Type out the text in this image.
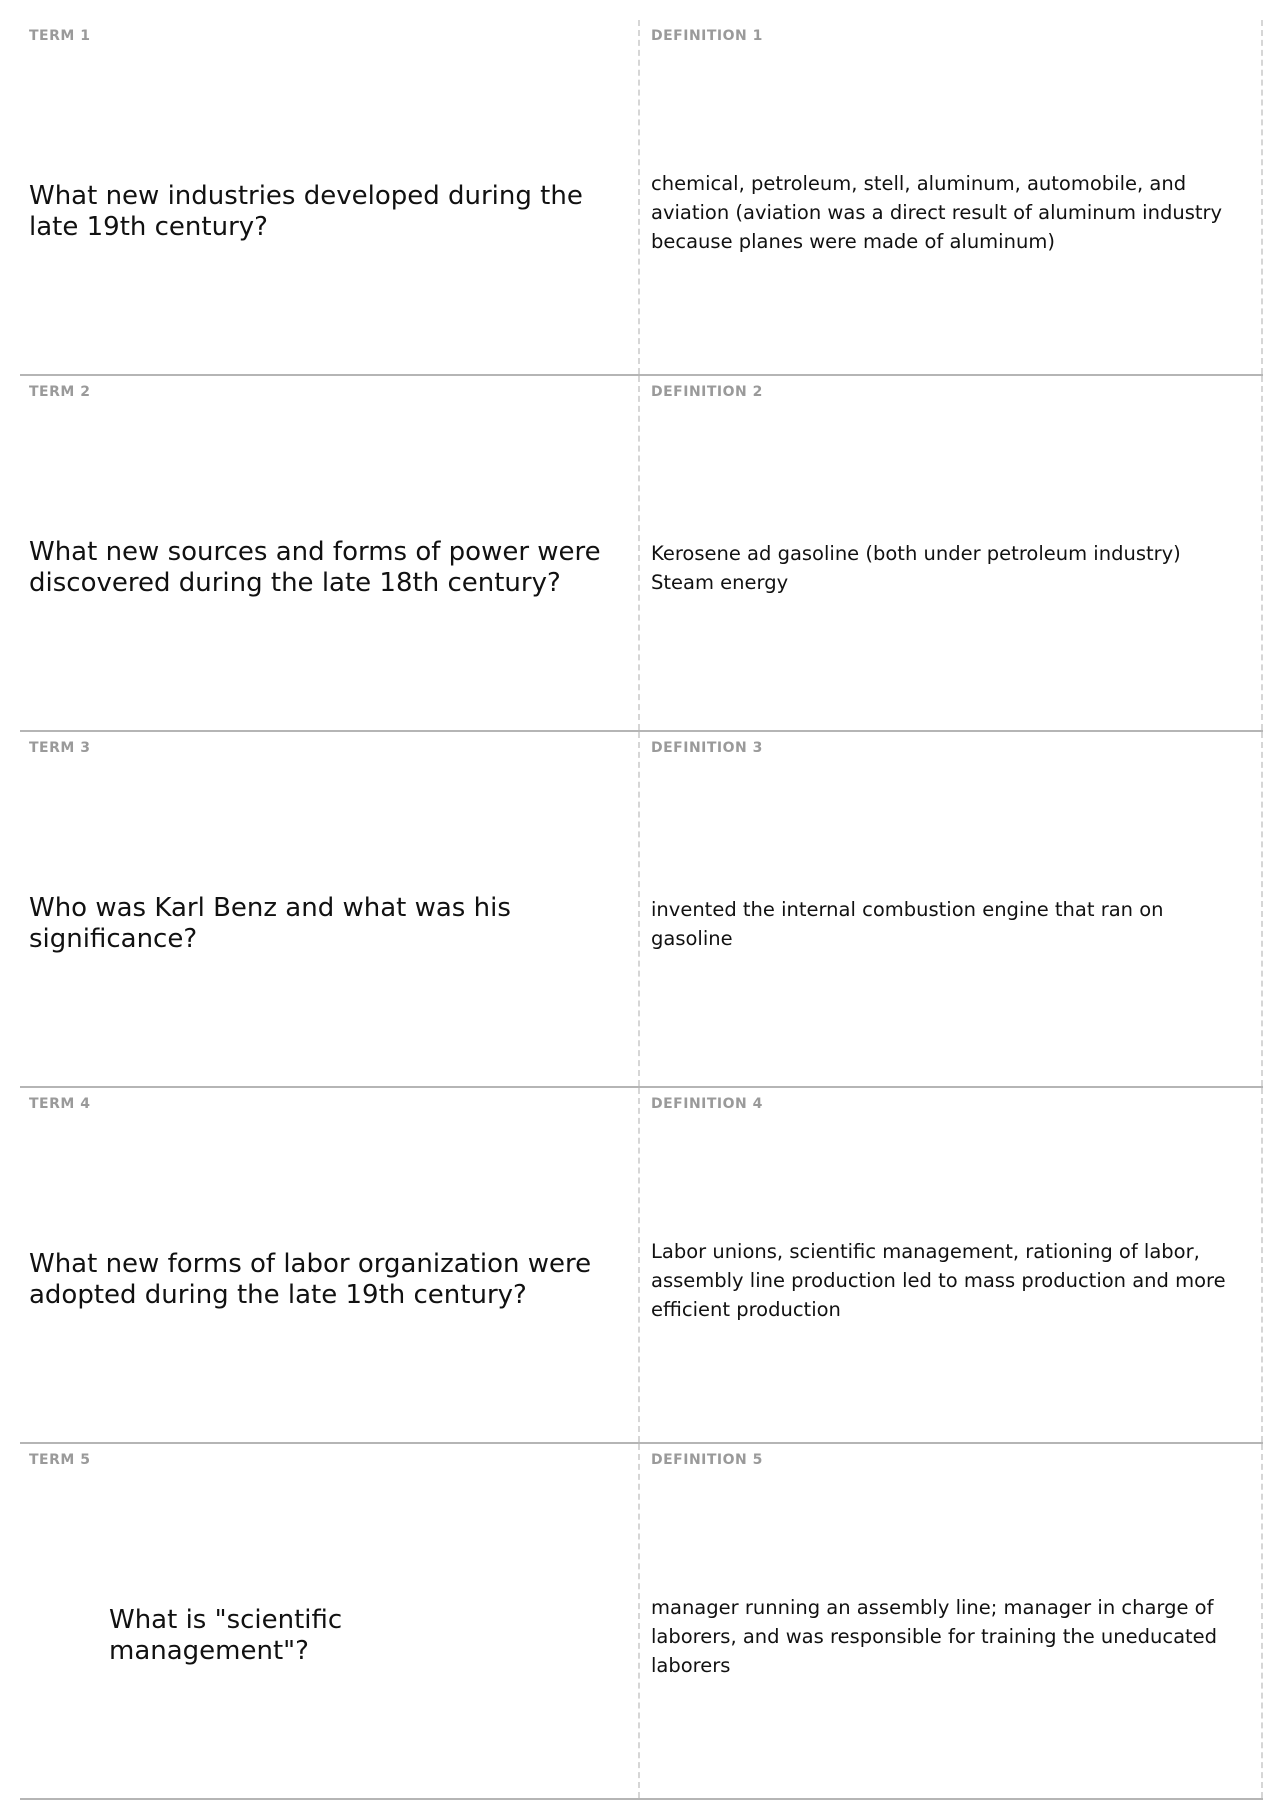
TERM 1
What new industries developed during the late 19th century?
DEFINITION 1
chemical, petroleum, stell, aluminum, automobile, and aviation (aviation was a direct result of aluminum industry because planes were made of aluminum)
TERM 2
What new sources and forms of power were discovered during the late 18th century?
DEFINITION 2
Kerosene ad gasoline (both under petroleum industry) Steam energy
TERM 3
Who was Karl Benz and what was his significance?
DEFINITION 3
invented the internal combustion engine that ran on gasoline
TERM 4
What new forms of labor organization were adopted during the late 19th century?
DEFINITION 4
Labor unions, scientific management, rationing of labor, assembly line production led to mass production and more efficient production
TERM 5
What is "scientific management"?
DEFINITION 5
manager running an assembly line; manager in charge of laborers, and was responsible for training the uneducated laborers
